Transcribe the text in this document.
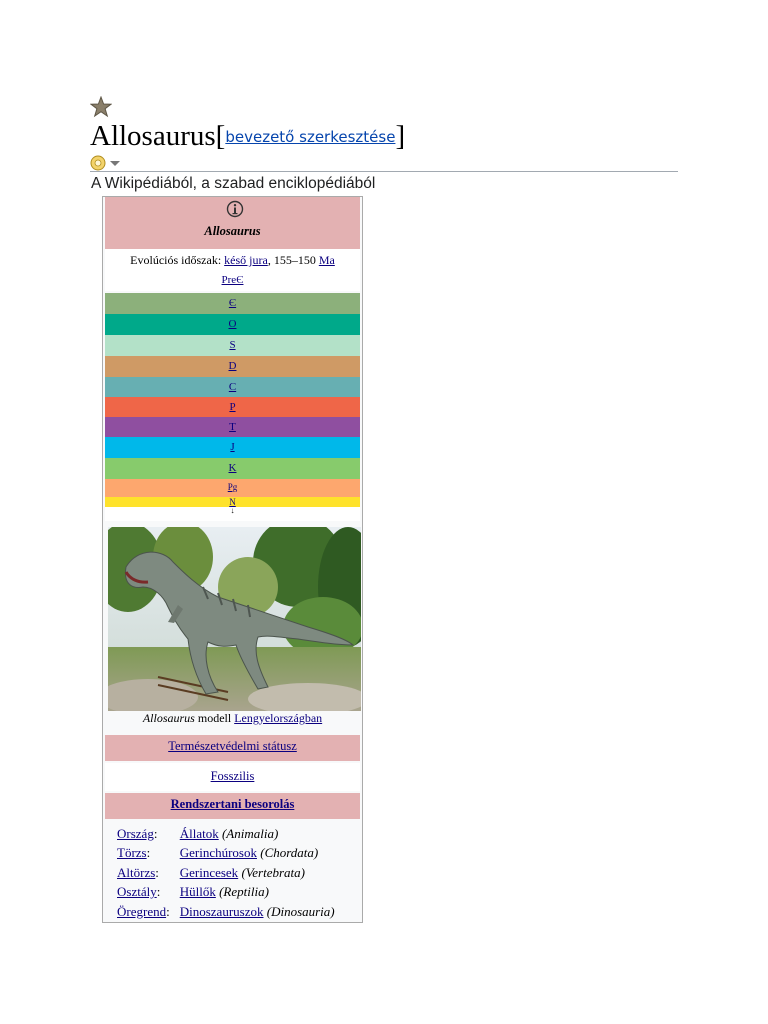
Allosaurus[bevezető szerkesztése]
A Wikipédiából, a szabad enciklopédiából
Allosaurus
Evolúciós időszak: késő jura, 155–150 Ma
PreЄ
Є
O
S
D
C
P
T
J
K
Pg
N
↓
Allosaurus modell Lengyelországban
Természetvédelmi státusz
Fosszilis
Rendszertani besorolás
Ország:	Állatok (Animalia)
Törzs:	Gerinchúrosok (Chordata)
Altörzs:	Gerincesek (Vertebrata)
Osztály:	Hüllők (Reptilia)
Öregrend:	Dinoszauruszok (Dinosauria)
